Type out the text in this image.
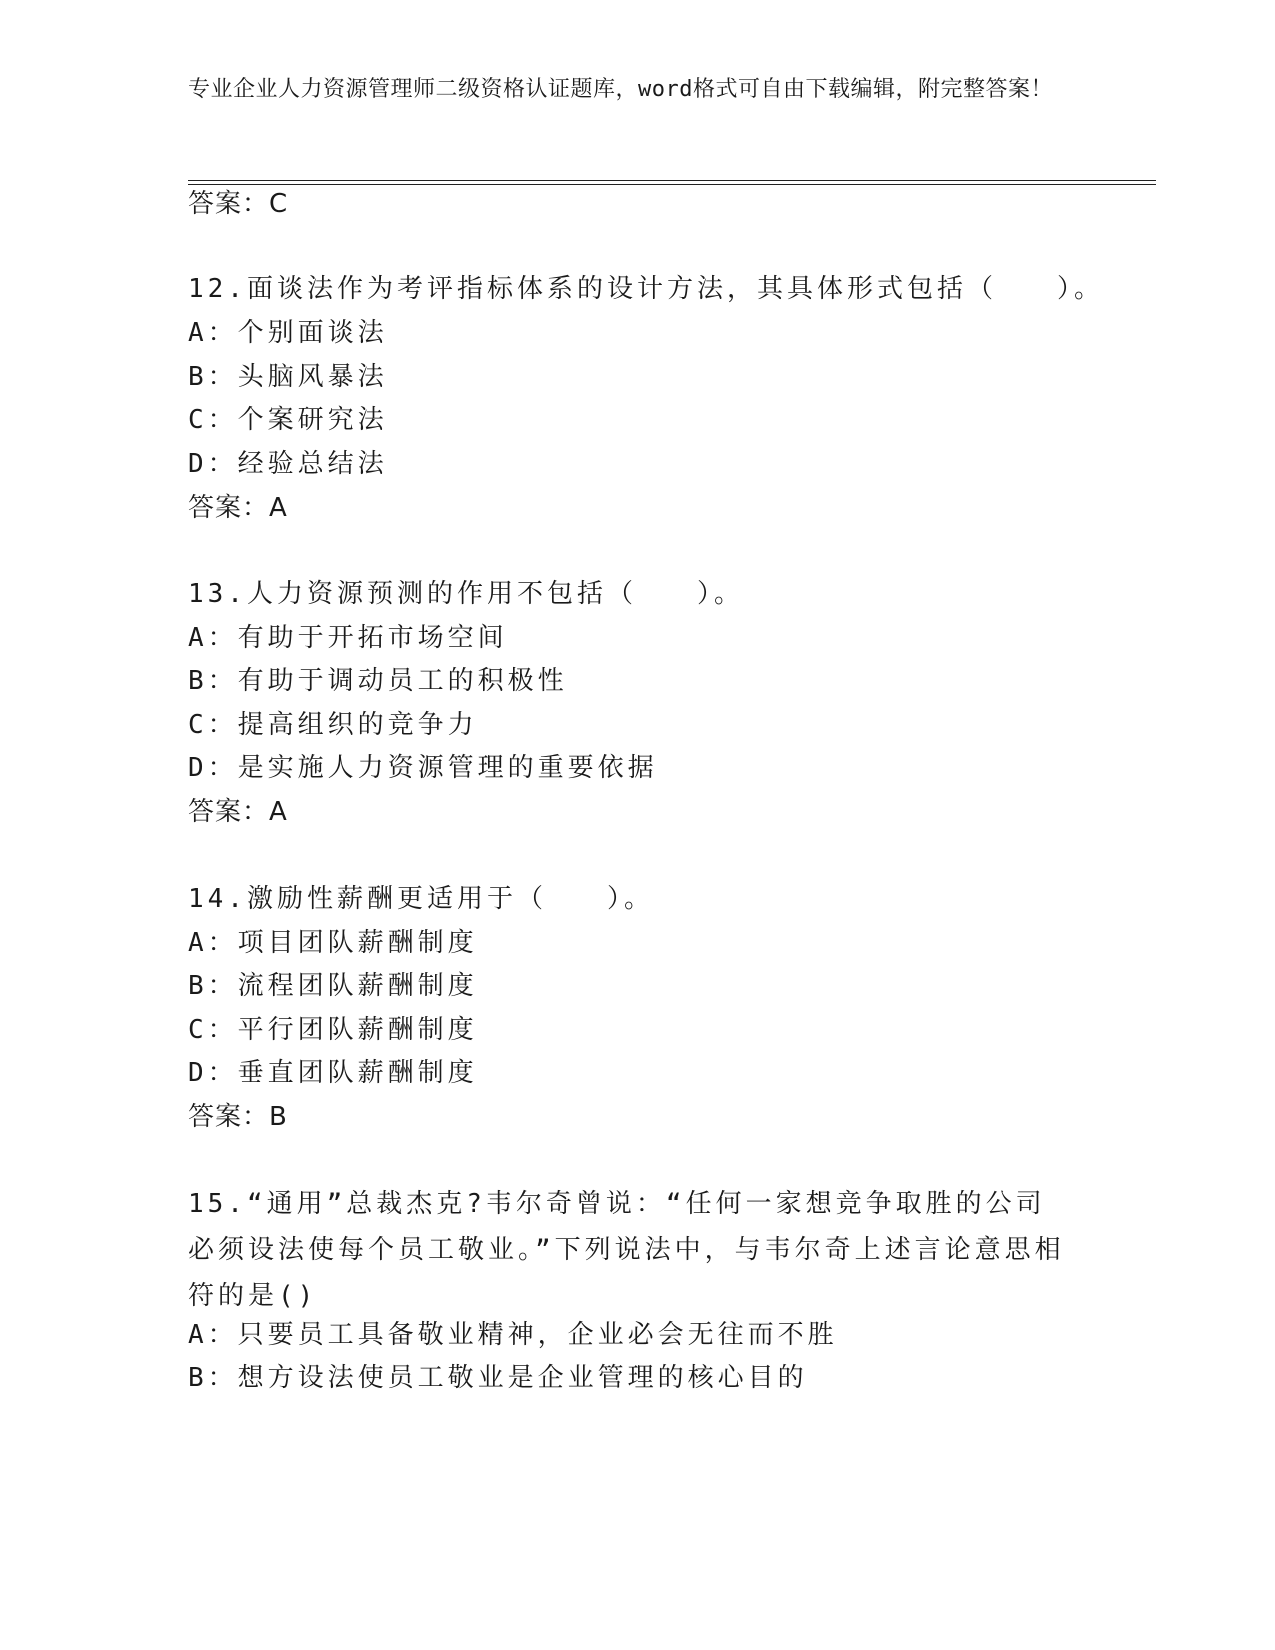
专业企业人力资源管理师二级资格认证题库，word格式可自由下载编辑，附完整答案！
答案：C
12.面谈法作为考评指标体系的设计方法，其具体形式包括（　　）。
A：个别面谈法
B：头脑风暴法
C：个案研究法
D：经验总结法
答案：A
13.人力资源预测的作用不包括（　　）。
A：有助于开拓市场空间
B：有助于调动员工的积极性
C：提高组织的竞争力
D：是实施人力资源管理的重要依据
答案：A
14.激励性薪酬更适用于（　　）。
A：项目团队薪酬制度
B：流程团队薪酬制度
C：平行团队薪酬制度
D：垂直团队薪酬制度
答案：B
15.“通用”总裁杰克?韦尔奇曾说：“任何一家想竞争取胜的公司必须设法使每个员工敬业。”下列说法中，与韦尔奇上述言论意思相符的是()
A：只要员工具备敬业精神，企业必会无往而不胜
B：想方设法使员工敬业是企业管理的核心目的
